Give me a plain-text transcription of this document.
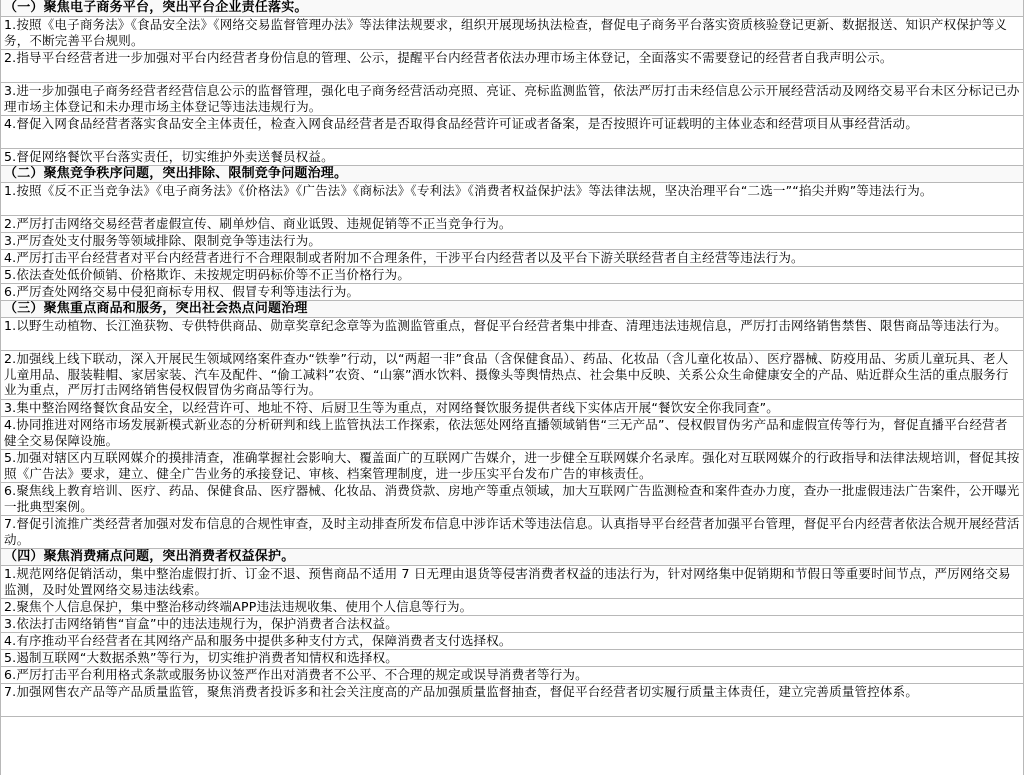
（一）聚焦电子商务平台，突出平台企业责任落实。
1.按照《电子商务法》《食品安全法》《网络交易监督管理办法》等法律法规要求，组织开展现场执法检查，督促电子商务平台落实资质核验登记更新、数据报送、知识产权保护等义务，不断完善平台规则。
2.指导平台经营者进一步加强对平台内经营者身份信息的管理、公示，提醒平台内经营者依法办理市场主体登记，全面落实不需要登记的经营者自我声明公示。
3.进一步加强电子商务经营者经营信息公示的监督管理，强化电子商务经营活动亮照、亮证、亮标监测监管，依法严厉打击未经信息公示开展经营活动及网络交易平台未区分标记已办理市场主体登记和未办理市场主体登记等违法违规行为。
4.督促入网食品经营者落实食品安全主体责任，检查入网食品经营者是否取得食品经营许可证或者备案，是否按照许可证载明的主体业态和经营项目从事经营活动。
5.督促网络餐饮平台落实责任，切实维护外卖送餐员权益。
（二）聚焦竞争秩序问题，突出排除、限制竞争问题治理。
1.按照《反不正当竞争法》《电子商务法》《价格法》《广告法》《商标法》《专利法》《消费者权益保护法》等法律法规，坚决治理平台“二选一”“掐尖并购”等违法行为。
2.严厉打击网络交易经营者虚假宣传、刷单炒信、商业诋毁、违规促销等不正当竞争行为。
3.严厉查处支付服务等领域排除、限制竞争等违法行为。
4.严厉打击平台经营者对平台内经营者进行不合理限制或者附加不合理条件，干涉平台内经营者以及平台下游关联经营者自主经营等违法行为。
5.依法查处低价倾销、价格欺诈、未按规定明码标价等不正当价格行为。
6.严厉查处网络交易中侵犯商标专用权、假冒专利等违法行为。
（三）聚焦重点商品和服务，突出社会热点问题治理
1.以野生动植物、长江渔获物、专供特供商品、勋章奖章纪念章等为监测监管重点，督促平台经营者集中排查、清理违法违规信息，严厉打击网络销售禁售、限售商品等违法行为。
2.加强线上线下联动，深入开展民生领域网络案件查办“铁拳”行动，以“两超一非”食品（含保健食品）、药品、化妆品（含儿童化妆品）、医疗器械、防疫用品、劣质儿童玩具、老人儿童用品、服装鞋帽、家居家装、汽车及配件、“偷工减料”农资、“山寨”酒水饮料、摄像头等舆情热点、社会集中反映、关系公众生命健康安全的产品、贴近群众生活的重点服务行业为重点，严厉打击网络销售侵权假冒伪劣商品等行为。
3.集中整治网络餐饮食品安全，以经营许可、地址不符、后厨卫生等为重点，对网络餐饮服务提供者线下实体店开展“餐饮安全你我同查”。
4.协同推进对网络市场发展新模式新业态的分析研判和线上监管执法工作探索，依法惩处网络直播领域销售“三无产品”、侵权假冒伪劣产品和虚假宣传等行为，督促直播平台经营者健全交易保障设施。
5.加强对辖区内互联网媒介的摸排清查，准确掌握社会影响大、覆盖面广的互联网广告媒介，进一步健全互联网媒介名录库。强化对互联网媒介的行政指导和法律法规培训，督促其按照《广告法》要求，建立、健全广告业务的承接登记、审核、档案管理制度，进一步压实平台发布广告的审核责任。
6.聚焦线上教育培训、医疗、药品、保健食品、医疗器械、化妆品、消费贷款、房地产等重点领域，加大互联网广告监测检查和案件查办力度，查办一批虚假违法广告案件，公开曝光一批典型案例。
7.督促引流推广类经营者加强对发布信息的合规性审查，及时主动排查所发布信息中涉诈话术等违法信息。认真指导平台经营者加强平台管理，督促平台内经营者依法合规开展经营活动。
（四）聚焦消费痛点问题，突出消费者权益保护。
1.规范网络促销活动，集中整治虚假打折、订金不退、预售商品不适用 7 日无理由退货等侵害消费者权益的违法行为，针对网络集中促销期和节假日等重要时间节点，严厉网络交易监测，及时处置网络交易违法线索。
2.聚焦个人信息保护，集中整治移动终端APP违法违规收集、使用个人信息等行为。
3.依法打击网络销售“盲盒”中的违法违规行为，保护消费者合法权益。
4.有序推动平台经营者在其网络产品和服务中提供多种支付方式，保障消费者支付选择权。
5.遏制互联网“大数据杀熟”等行为，切实维护消费者知情权和选择权。
6.严厉打击平台利用格式条款或服务协议签严作出对消费者不公平、不合理的规定或误导消费者等行为。
7.加强网售农产品等产品质量监管，聚焦消费者投诉多和社会关注度高的产品加强质量监督抽查，督促平台经营者切实履行质量主体责任，建立完善质量管控体系。
